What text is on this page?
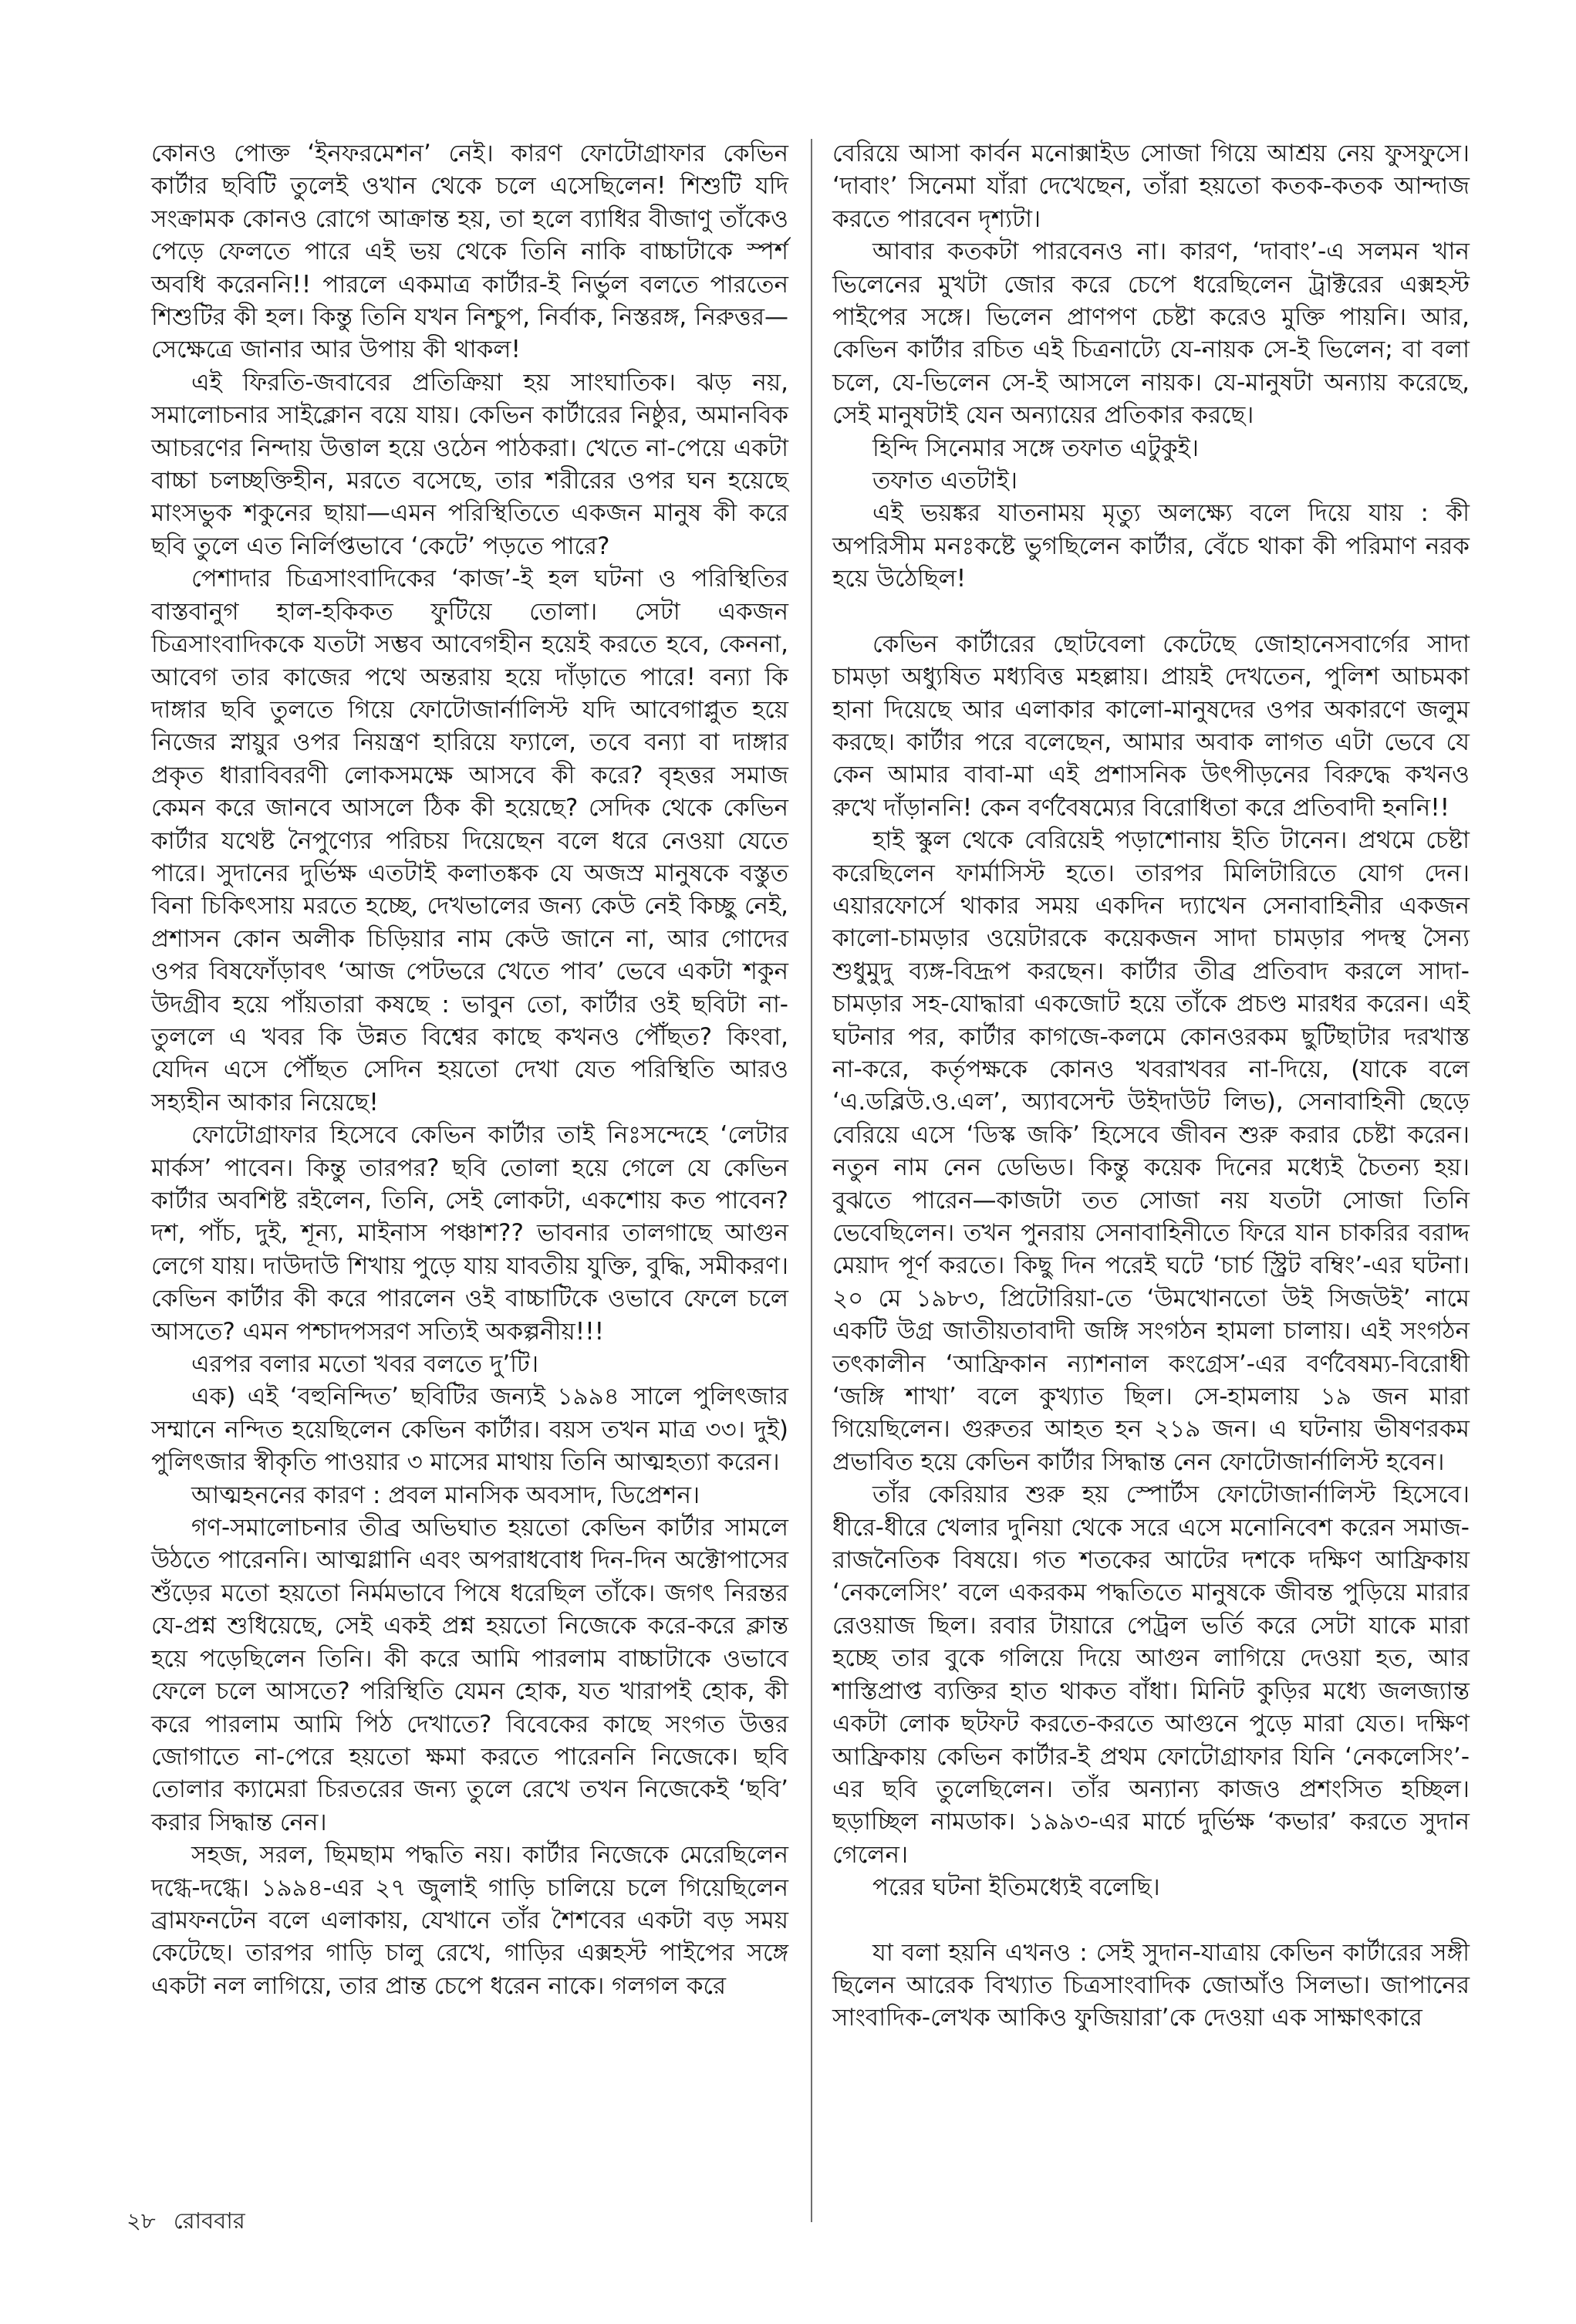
কোনও পোক্ত ‘ইনফরমেশন’ নেই। কারণ ফোটোগ্রাফার কেভিন কার্টার ছবিটি তুলেই ওখান থেকে চলে এসেছিলেন! শিশুটি যদি সংক্রামক কোনও রোগে আক্রান্ত হয়, তা হলে ব্যাধির বীজাণু তাঁকেও পেড়ে ফেলতে পারে এই ভয় থেকে তিনি নাকি বাচ্চাটাকে স্পর্শ অবধি করেননি!! পারলে একমাত্র কার্টার-ই নির্ভুল বলতে পারতেন শিশুটির কী হল। কিন্তু তিনি যখন নিশ্চুপ, নির্বাক, নিস্তরঙ্গ, নিরুত্তর—সেক্ষেত্রে জানার আর উপায় কী থাকল!

এই ফিরতি-জবাবের প্রতিক্রিয়া হয় সাংঘাতিক। ঝড় নয়, সমালোচনার সাইক্লোন বয়ে যায়। কেভিন কার্টারের নিষ্ঠুর, অমানবিক আচরণের নিন্দায় উত্তাল হয়ে ওঠেন পাঠকরা। খেতে না-পেয়ে একটা বাচ্চা চলচ্ছক্তিহীন, মরতে বসেছে, তার শরীরের ওপর ঘন হয়েছে মাংসভুক শকুনের ছায়া—এমন পরিস্থিতিতে একজন মানুষ কী করে ছবি তুলে এত নির্লিপ্তভাবে ‘কেটে’ পড়তে পারে?

পেশাদার চিত্রসাংবাদিকের ‘কাজ’-ই হল ঘটনা ও পরিস্থিতির বাস্তবানুগ হাল-হকিকত ফুটিয়ে তোলা। সেটা একজন চিত্রসাংবাদিককে যতটা সম্ভব আবেগহীন হয়েই করতে হবে, কেননা, আবেগ তার কাজের পথে অন্তরায় হয়ে দাঁড়াতে পারে! বন্যা কি দাঙ্গার ছবি তুলতে গিয়ে ফোটোজার্নালিস্ট যদি আবেগাপ্লুত হয়ে নিজের স্নায়ুর ওপর নিয়ন্ত্রণ হারিয়ে ফ্যালে, তবে বন্যা বা দাঙ্গার প্রকৃত ধারাবিবরণী লোকসমক্ষে আসবে কী করে? বৃহত্তর সমাজ কেমন করে জানবে আসলে ঠিক কী হয়েছে? সেদিক থেকে কেভিন কার্টার যথেষ্ট নৈপুণ্যের পরিচয় দিয়েছেন বলে ধরে নেওয়া যেতে পারে। সুদানের দুর্ভিক্ষ এতটাই কলাতঙ্কক যে অজস্র মানুষকে বস্তুত বিনা চিকিৎসায় মরতে হচ্ছে, দেখভালের জন্য কেউ নেই কিচ্ছু নেই, প্রশাসন কোন অলীক চিড়িয়ার নাম কেউ জানে না, আর গোদের ওপর বিষফোঁড়াবৎ ‘আজ পেটভরে খেতে পাব’ ভেবে একটা শকুন উদগ্রীব হয়ে পাঁয়তারা কষছে : ভাবুন তো, কার্টার ওই ছবিটা না-তুললে এ খবর কি উন্নত বিশ্বের কাছে কখনও পৌঁছত? কিংবা, যেদিন এসে পৌঁছত সেদিন হয়তো দেখা যেত পরিস্থিতি আরও সহ্যহীন আকার নিয়েছে!

ফোটোগ্রাফার হিসেবে কেভিন কার্টার তাই নিঃসন্দেহে ‘লেটার মার্কস’ পাবেন। কিন্তু তারপর? ছবি তোলা হয়ে গেলে যে কেভিন কার্টার অবশিষ্ট রইলেন, তিনি, সেই লোকটা, একশোয় কত পাবেন? দশ, পাঁচ, দুই, শূন্য, মাইনাস পঞ্চাশ?? ভাবনার তালগাছে আগুন লেগে যায়। দাউদাউ শিখায় পুড়ে যায় যাবতীয় যুক্তি, বুদ্ধি, সমীকরণ। কেভিন কার্টার কী করে পারলেন ওই বাচ্চাটিকে ওভাবে ফেলে চলে আসতে? এমন পশ্চাদপসরণ সত্যিই অকল্পনীয়!!!

এরপর বলার মতো খবর বলতে দু’টি।

এক) এই ‘বহুনিন্দিত’ ছবিটির জন্যই ১৯৯৪ সালে পুলিৎজার সম্মানে নন্দিত হয়েছিলেন কেভিন কার্টার। বয়স তখন মাত্র ৩৩। দুই) পুলিৎজার স্বীকৃতি পাওয়ার ৩ মাসের মাথায় তিনি আত্মহত্যা করেন।

আত্মহননের কারণ : প্রবল মানসিক অবসাদ, ডিপ্রেশন।

গণ-সমালোচনার তীব্র অভিঘাত হয়তো কেভিন কার্টার সামলে উঠতে পারেননি। আত্মগ্লানি এবং অপরাধবোধ দিন-দিন অক্টোপাসের শুঁড়ের মতো হয়তো নির্মমভাবে পিষে ধরেছিল তাঁকে। জগৎ নিরন্তর যে-প্রশ্ন শুধিয়েছে, সেই একই প্রশ্ন হয়তো নিজেকে করে-করে ক্লান্ত হয়ে পড়েছিলেন তিনি। কী করে আমি পারলাম বাচ্চাটাকে ওভাবে ফেলে চলে আসতে? পরিস্থিতি যেমন হোক, যত খারাপই হোক, কী করে পারলাম আমি পিঠ দেখাতে? বিবেকের কাছে সংগত উত্তর জোগাতে না-পেরে হয়তো ক্ষমা করতে পারেননি নিজেকে। ছবি তোলার ক্যামেরা চিরতরের জন্য তুলে রেখে তখন নিজেকেই ‘ছবি’ করার সিদ্ধান্ত নেন।

সহজ, সরল, ছিমছাম পদ্ধতি নয়। কার্টার নিজেকে মেরেছিলেন দগ্ধে-দগ্ধে। ১৯৯৪-এর ২৭ জুলাই গাড়ি চালিয়ে চলে গিয়েছিলেন ব্রামফনটেন বলে এলাকায়, যেখানে তাঁর শৈশবের একটা বড় সময় কেটেছে। তারপর গাড়ি চালু রেখে, গাড়ির এক্সহস্ট পাইপের সঙ্গে একটা নল লাগিয়ে, তার প্রান্ত চেপে ধরেন নাকে। গলগল করে

বেরিয়ে আসা কার্বন মনোক্সাইড সোজা গিয়ে আশ্রয় নেয় ফুসফুসে। ‘দাবাং’ সিনেমা যাঁরা দেখেছেন, তাঁরা হয়তো কতক-কতক আন্দাজ করতে পারবেন দৃশ্যটা।

আবার কতকটা পারবেনও না। কারণ, ‘দাবাং’-এ সলমন খান ভিলেনের মুখটা জোর করে চেপে ধরেছিলেন ট্রাক্টরের এক্সহস্ট পাইপের সঙ্গে। ভিলেন প্রাণপণ চেষ্টা করেও মুক্তি পায়নি। আর, কেভিন কার্টার রচিত এই চিত্রনাট্যে যে-নায়ক সে-ই ভিলেন; বা বলা চলে, যে-ভিলেন সে-ই আসলে নায়ক। যে-মানুষটা অন্যায় করেছে, সেই মানুষটাই যেন অন্যায়ের প্রতিকার করছে।

হিন্দি সিনেমার সঙ্গে তফাত এটুকুই।

তফাত এতটাই।

এই ভয়ঙ্কর যাতনাময় মৃত্যু অলক্ষ্যে বলে দিয়ে যায় : কী অপরিসীম মনঃকষ্টে ভুগছিলেন কার্টার, বেঁচে থাকা কী পরিমাণ নরক হয়ে উঠেছিল!

কেভিন কার্টারের ছোটবেলা কেটেছে জোহানেসবার্গের সাদা চামড়া অধ্যুষিত মধ্যবিত্ত মহল্লায়। প্রায়ই দেখতেন, পুলিশ আচমকা হানা দিয়েছে আর এলাকার কালো-মানুষদের ওপর অকারণে জলুম করছে। কার্টার পরে বলেছেন, আমার অবাক লাগত এটা ভেবে যে কেন আমার বাবা-মা এই প্রশাসনিক উৎপীড়নের বিরুদ্ধে কখনও রুখে দাঁড়াননি! কেন বর্ণবৈষম্যের বিরোধিতা করে প্রতিবাদী হননি!!

হাই স্কুল থেকে বেরিয়েই পড়াশোনায় ইতি টানেন। প্রথমে চেষ্টা করেছিলেন ফার্মাসিস্ট হতে। তারপর মিলিটারিতে যোগ দেন। এয়ারফোর্সে থাকার সময় একদিন দ্যাখেন সেনাবাহিনীর একজন কালো-চামড়ার ওয়েটারকে কয়েকজন সাদা চামড়ার পদস্থ সৈন্য শুধুমুদু ব্যঙ্গ-বিদ্রূপ করছেন। কার্টার তীব্র প্রতিবাদ করলে সাদা-চামড়ার সহ-যোদ্ধারা একজোট হয়ে তাঁকে প্রচণ্ড মারধর করেন। এই ঘটনার পর, কার্টার কাগজে-কলমে কোনওরকম ছুটিছাটার দরখাস্ত না-করে, কর্তৃপক্ষকে কোনও খবরাখবর না-দিয়ে, (যাকে বলে ‘এ.ডব্লিউ.ও.এল’, অ্যাবসেন্ট উইদাউট লিভ), সেনাবাহিনী ছেড়ে বেরিয়ে এসে ‘ডিস্ক জকি’ হিসেবে জীবন শুরু করার চেষ্টা করেন। নতুন নাম নেন ডেভিড। কিন্তু কয়েক দিনের মধ্যেই চৈতন্য হয়। বুঝতে পারেন—কাজটা তত সোজা নয় যতটা সোজা তিনি ভেবেছিলেন। তখন পুনরায় সেনাবাহিনীতে ফিরে যান চাকরির বরাদ্দ মেয়াদ পূর্ণ করতে। কিছু দিন পরেই ঘটে ‘চার্চ স্ট্রিট বম্বিং’-এর ঘটনা। ২০ মে ১৯৮৩, প্রিটোরিয়া-তে ‘উমখোনতো উই সিজউই’ নামে একটি উগ্র জাতীয়তাবাদী জঙ্গি সংগঠন হামলা চালায়। এই সংগঠন তৎকালীন ‘আফ্রিকান ন্যাশনাল কংগ্রেস’-এর বর্ণবৈষম্য-বিরোধী ‘জঙ্গি শাখা’ বলে কুখ্যাত ছিল। সে-হামলায় ১৯ জন মারা গিয়েছিলেন। গুরুতর আহত হন ২১৯ জন। এ ঘটনায় ভীষণরকম প্রভাবিত হয়ে কেভিন কার্টার সিদ্ধান্ত নেন ফোটোজার্নালিস্ট হবেন।

তাঁর কেরিয়ার শুরু হয় স্পোর্টস ফোটোজার্নালিস্ট হিসেবে। ধীরে-ধীরে খেলার দুনিয়া থেকে সরে এসে মনোনিবেশ করেন সমাজ-রাজনৈতিক বিষয়ে। গত শতকের আটের দশকে দক্ষিণ আফ্রিকায় ‘নেকলেসিং’ বলে একরকম পদ্ধতিতে মানুষকে জীবন্ত পুড়িয়ে মারার রেওয়াজ ছিল। রবার টায়ারে পেট্রল ভর্তি করে সেটা যাকে মারা হচ্ছে তার বুকে গলিয়ে দিয়ে আগুন লাগিয়ে দেওয়া হত, আর শাস্তিপ্রাপ্ত ব্যক্তির হাত থাকত বাঁধা। মিনিট কুড়ির মধ্যে জলজ্যান্ত একটা লোক ছটফট করতে-করতে আগুনে পুড়ে মারা যেত। দক্ষিণ আফ্রিকায় কেভিন কার্টার-ই প্রথম ফোটোগ্রাফার যিনি ‘নেকলেসিং’-এর ছবি তুলেছিলেন। তাঁর অন্যান্য কাজও প্রশংসিত হচ্ছিল। ছড়াচ্ছিল নামডাক। ১৯৯৩-এর মার্চে দুর্ভিক্ষ ‘কভার’ করতে সুদান গেলেন।

পরের ঘটনা ইতিমধ্যেই বলেছি।

যা বলা হয়নি এখনও : সেই সুদান-যাত্রায় কেভিন কার্টারের সঙ্গী ছিলেন আরেক বিখ্যাত চিত্রসাংবাদিক জোআঁও সিলভা। জাপানের সাংবাদিক-লেখক আকিও ফুজিয়ারা’কে দেওয়া এক সাক্ষাৎকারে

২৮ রোববার
